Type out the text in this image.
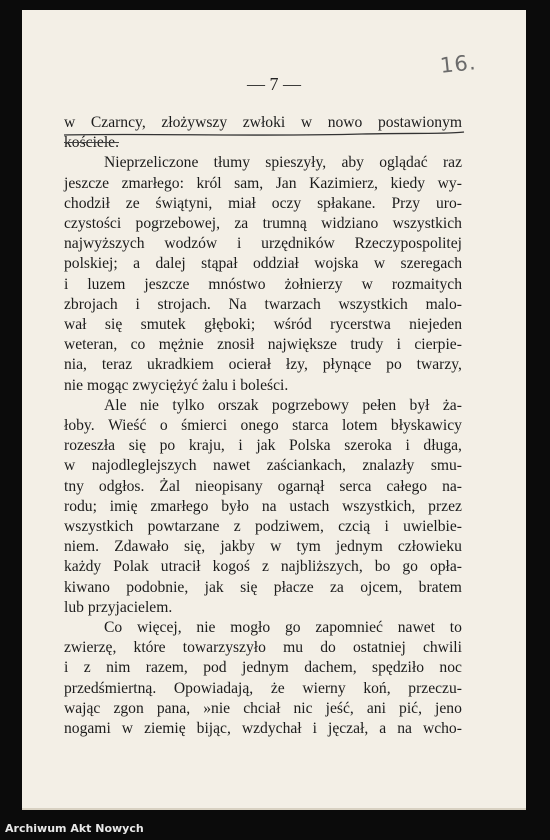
16.
— 7 —
w Czarncy, złożywszy zwłoki w nowo postawionym
kościele.
Nieprzeliczone tłumy spieszyły, aby oglądać raz
jeszcze zmarłego: król sam, Jan Kazimierz, kiedy wy-
chodził ze świątyni, miał oczy spłakane. Przy uro-
czystości pogrzebowej, za trumną widziano wszystkich
najwyższych wodzów i urzędników Rzeczypospolitej
polskiej; a dalej stąpał oddział wojska w szeregach
i luzem jeszcze mnóstwo żołnierzy w rozmaitych
zbrojach i strojach. Na twarzach wszystkich malo-
wał się smutek głęboki; wśród rycerstwa niejeden
weteran, co mężnie znosił największe trudy i cierpie-
nia, teraz ukradkiem ocierał łzy, płynące po twarzy,
nie mogąc zwyciężyć żalu i boleści.
Ale nie tylko orszak pogrzebowy pełen był ża-
łoby. Wieść o śmierci onego starca lotem błyskawicy
rozeszła się po kraju, i jak Polska szeroka i długa,
w najodleglejszych nawet zaściankach, znalazły smu-
tny odgłos. Żal nieopisany ogarnął serca całego na-
rodu; imię zmarłego było na ustach wszystkich, przez
wszystkich powtarzane z podziwem, czcią i uwielbie-
niem. Zdawało się, jakby w tym jednym człowieku
każdy Polak utracił kogoś z najbliższych, bo go opła-
kiwano podobnie, jak się płacze za ojcem, bratem
lub przyjacielem.
Co więcej, nie mogło go zapomnieć nawet to
zwierzę, które towarzyszyło mu do ostatniej chwili
i z nim razem, pod jednym dachem, spędziło noc
przedśmiertną. Opowiadają, że wierny koń, przeczu-
wając zgon pana, »nie chciał nic jeść, ani pić, jeno
nogami w ziemię bijąc, wzdychał i jęczał, a na wcho-
Archiwum Akt Nowych
